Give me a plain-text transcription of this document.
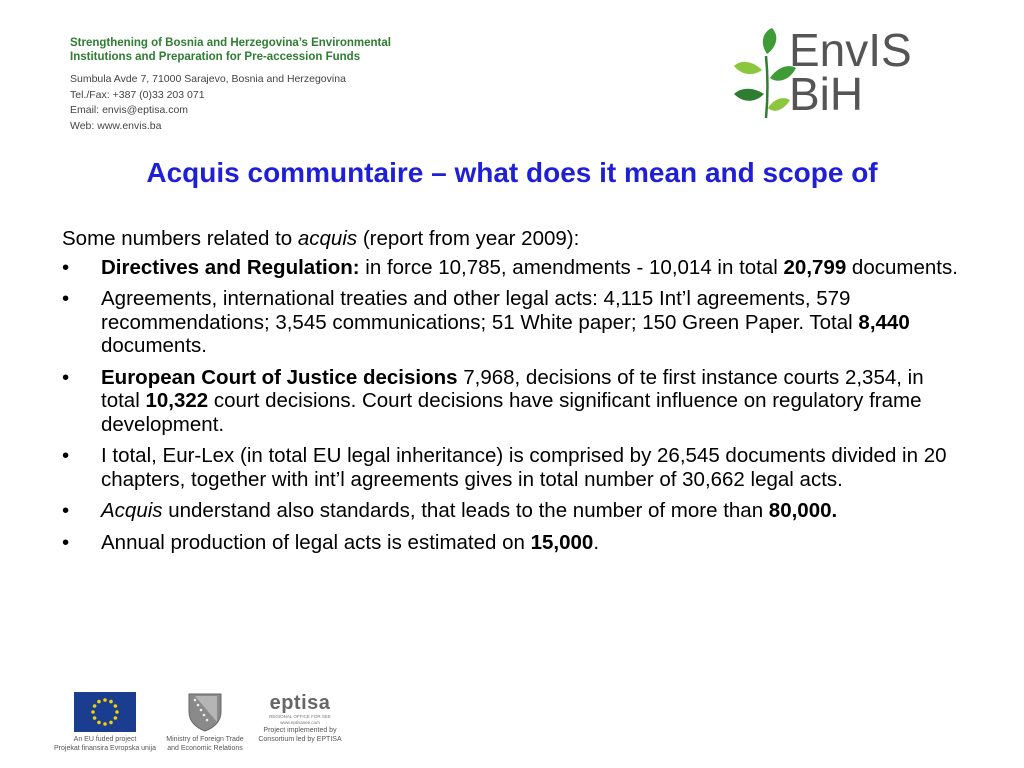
Strengthening of Bosnia and Herzegovina’s Environmental
Institutions and Preparation for Pre-accession Funds
Sumbula Avde 7, 71000 Sarajevo, Bosnia and Herzegovina
Tel./Fax: +387 (0)33 203 071
Email: envis@eptisa.com
Web: www.envis.ba
EnvIS
BiH
Acquis communtaire – what does it mean and scope of
Some numbers related to acquis (report from year 2009):
• Directives and Regulation: in force 10,785, amendments - 10,014 in total 20,799 documents.
• Agreements, international treaties and other legal acts: 4,115 Int’l agreements, 579 recommendations; 3,545 communications; 51 White paper; 150 Green Paper. Total 8,440 documents.
• European Court of Justice decisions 7,968, decisions of te first instance courts 2,354, in total 10,322 court decisions. Court decisions have significant influence on regulatory frame development.
• I total, Eur-Lex (in total EU legal inheritance) is comprised by 26,545 documents divided in 20 chapters, together with int’l agreements gives in total number of 30,662 legal acts.
• Acquis understand also standards, that leads to the number of more than 80,000.
• Annual production of legal acts is estimated on 15,000.
An EU fuded project
Projekat finansira Evropska unija
Ministry of Foreign Trade
and Economic Relations
eptisa
REGIONAL OFFICE FOR SEE
www.eptisasee.com
Project implemented by
Consortium led by EPTISA
